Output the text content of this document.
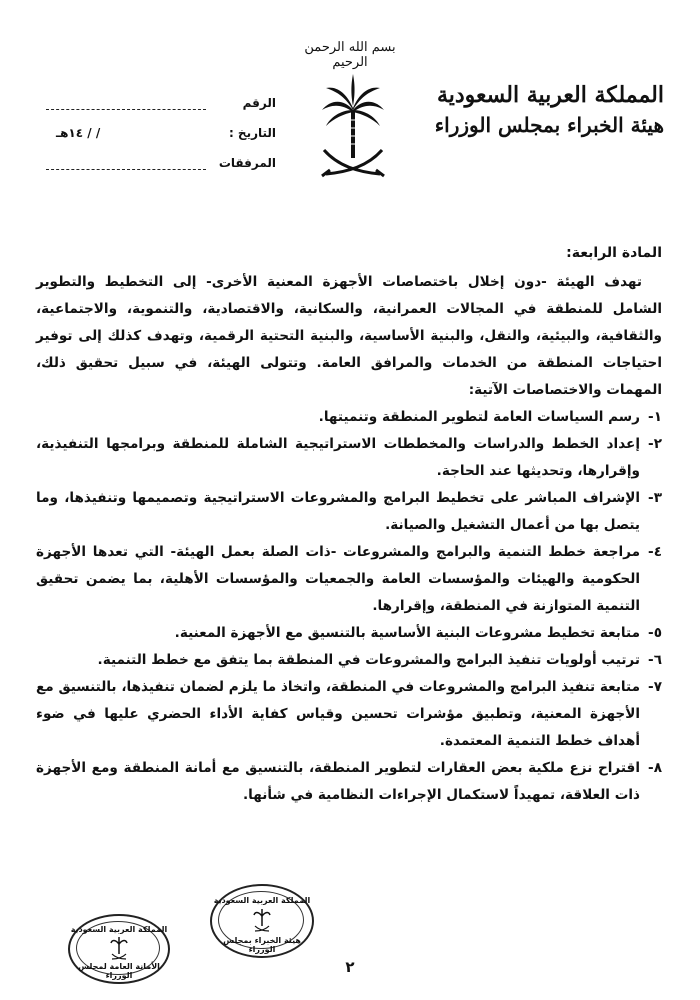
بسم الله الرحمن الرحيم
المملكة العربية السعودية
هيئة الخبراء بمجلس الوزراء
الرقم
التاريخ :
/ / ١٤هـ
المرفقات
المادة الرابعة:

تهدف الهيئة -دون إخلال باختصاصات الأجهزة المعنية الأخرى- إلى التخطيط والتطوير الشامل للمنطقة في المجالات العمرانية، والسكانية، والاقتصادية، والتنموية، والاجتماعية، والثقافية، والبيئية، والنقل، والبنية الأساسية، والبنية التحتية الرقمية، وتهدف كذلك إلى توفير احتياجات المنطقة من الخدمات والمرافق العامة. وتتولى الهيئة، في سبيل تحقيق ذلك، المهمات والاختصاصات الآتية:

١-
رسم السياسات العامة لتطوير المنطقة وتنميتها.
٢-
إعداد الخطط والدراسات والمخططات الاستراتيجية الشاملة للمنطقة وبرامجها التنفيذية، وإقرارها، وتحديثها عند الحاجة.
٣-
الإشراف المباشر على تخطيط البرامج والمشروعات الاستراتيجية وتصميمها وتنفيذها، وما يتصل بها من أعمال التشغيل والصيانة.
٤-
مراجعة خطط التنمية والبرامج والمشروعات -ذات الصلة بعمل الهيئة- التي تعدها الأجهزة الحكومية والهيئات والمؤسسات العامة والجمعيات والمؤسسات الأهلية، بما يضمن تحقيق التنمية المتوازنة في المنطقة، وإقرارها.
٥-
متابعة تخطيط مشروعات البنية الأساسية بالتنسيق مع الأجهزة المعنية.
٦-
ترتيب أولويات تنفيذ البرامج والمشروعات في المنطقة بما يتفق مع خطط التنمية.
٧-
متابعة تنفيذ البرامج والمشروعات في المنطقة، واتخاذ ما يلزم لضمان تنفيذها، بالتنسيق مع الأجهزة المعنية، وتطبيق مؤشرات تحسين وقياس كفاية الأداء الحضري عليها في ضوء أهداف خطط التنمية المعتمدة.
٨-
اقتراح نزع ملكية بعض العقارات لتطوير المنطقة، بالتنسيق مع أمانة المنطقة ومع الأجهزة ذات العلاقة، تمهيداً لاستكمال الإجراءات النظامية في شأنها.
المملكة العربية السعودية
الأمانة العامة لمجلس الوزراء
المملكة العربية السعودية
هيئة الخبراء بمجلس الوزراء
٢
